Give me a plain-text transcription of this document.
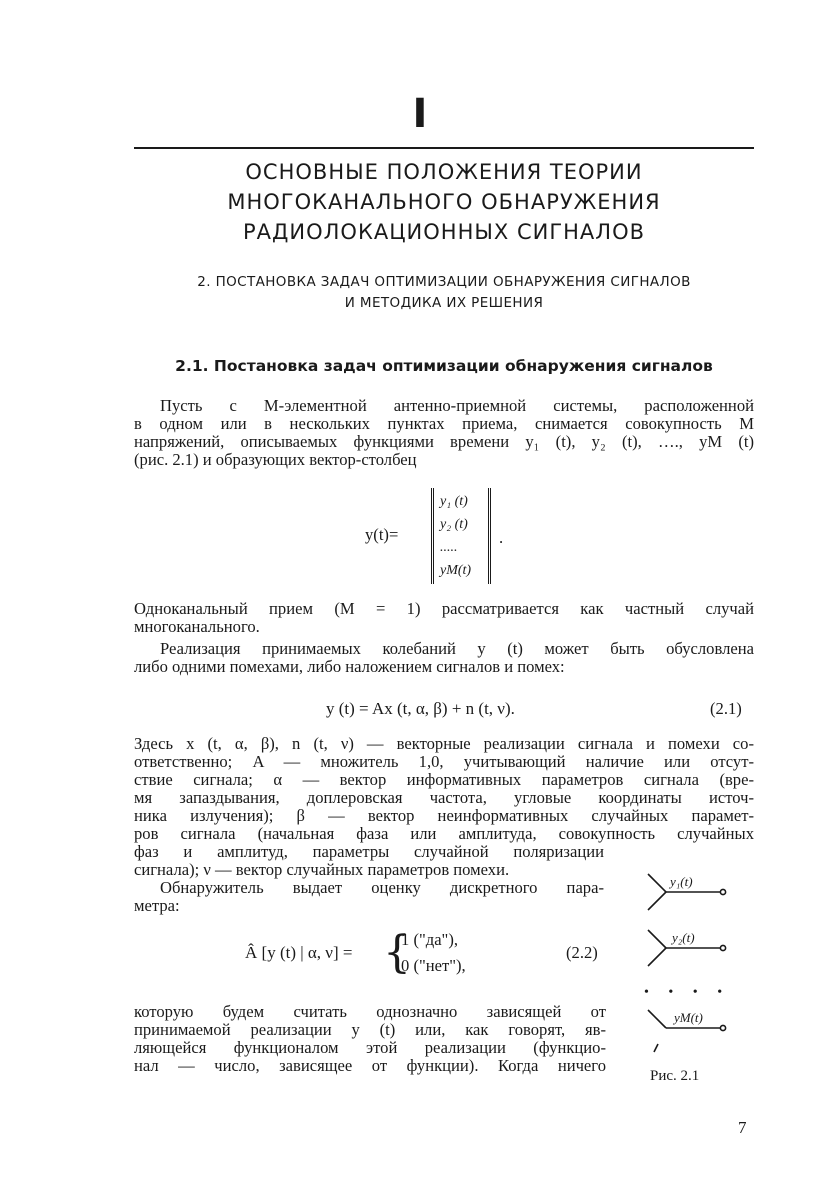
I
ОСНОВНЫЕ ПОЛОЖЕНИЯ ТЕОРИИ
МНОГОКАНАЛЬНОГО ОБНАРУЖЕНИЯ
РАДИОЛОКАЦИОННЫХ СИГНАЛОВ
2. ПОСТАНОВКА ЗАДАЧ ОПТИМИЗАЦИИ ОБНАРУЖЕНИЯ СИГНАЛОВ
И МЕТОДИКА ИХ РЕШЕНИЯ
2.1. Постановка задач оптимизации обнаружения сигналов
Пусть с M-элементной антенно-приемной системы, расположенной
в одном или в нескольких пунктах приема, снимается совокупность M
напряжений, описываемых функциями времени y₁ (t), y₂ (t), …., yM (t)
(рис. 2.1) и образующих вектор-столбец
y(t)=
y₁ (t)
y₂ (t)
.....
yM(t)
.
Одноканальный прием (M = 1) рассматривается как частный случай
многоканального.
Реализация принимаемых колебаний y (t) может быть обусловлена
либо одними помехами, либо наложением сигналов и помех:
y (t) = Ax (t, α, β) + n (t, ν).	(2.1)
Здесь x (t, α, β), n (t, ν) — векторные реализации сигнала и помехи со-
ответственно; A — множитель 1,0, учитывающий наличие или отсут-
ствие сигнала; α — вектор информативных параметров сигнала (вре-
мя запаздывания, доплеровская частота, угловые координаты источ-
ника излучения); β — вектор неинформативных случайных парамет-
ров сигнала (начальная фаза или амплитуда, совокупность случайных
фаз и амплитуд, параметры случайной поляризации
сигнала); ν — вектор случайных параметров помехи.
Обнаружитель выдает оценку дискретного пара-
метра:
Â [y (t) | α, ν] = {
1 ("да"),
0 ("нет"),
(2.2)
которую будем считать однозначно зависящей от
принимаемой реализации y (t) или, как говорят, яв-
ляющейся функционалом этой реализации (функцио-
нал — число, зависящее от функции). Когда ничего
y₁(t)
y₂(t)
• • • •
yM(t)
Рис. 2.1
7
